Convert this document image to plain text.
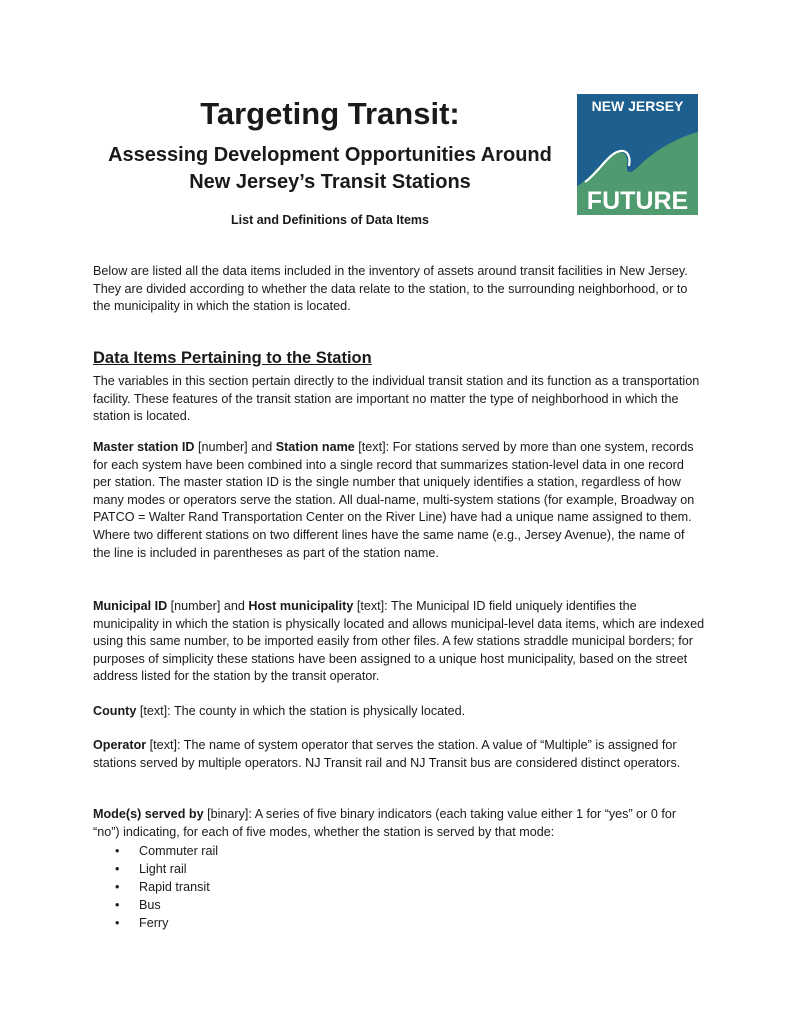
Targeting Transit:
Assessing Development Opportunities Around
New Jersey’s Transit Stations
List and Definitions of Data Items
NEW JERSEY
FUTURE

Below are listed all the data items included in the inventory of assets around transit facilities in New Jersey. They are divided according to whether the data relate to the station, to the surrounding neighborhood, or to the municipality in which the station is located.

Data Items Pertaining to the Station

The variables in this section pertain directly to the individual transit station and its function as a transportation facility. These features of the transit station are important no matter the type of neighborhood in which the station is located.

Master station ID [number] and Station name [text]: For stations served by more than one system, records for each system have been combined into a single record that summarizes station-level data in one record per station. The master station ID is the single number that uniquely identifies a station, regardless of how many modes or operators serve the station. All dual-name, multi-system stations (for example, Broadway on PATCO = Walter Rand Transportation Center on the River Line) have had a unique name assigned to them. Where two different stations on two different lines have the same name (e.g., Jersey Avenue), the name of the line is included in parentheses as part of the station name.

Municipal ID [number] and Host municipality [text]: The Municipal ID field uniquely identifies the municipality in which the station is physically located and allows municipal-level data items, which are indexed using this same number, to be imported easily from other files. A few stations straddle municipal borders; for purposes of simplicity these stations have been assigned to a unique host municipality, based on the street address listed for the station by the transit operator.

County [text]: The county in which the station is physically located.

Operator [text]: The name of system operator that serves the station. A value of “Multiple” is assigned for stations served by multiple operators. NJ Transit rail and NJ Transit bus are considered distinct operators.

Mode(s) served by [binary]: A series of five binary indicators (each taking value either 1 for “yes” or 0 for “no”) indicating, for each of five modes, whether the station is served by that mode:

• Commuter rail
• Light rail
• Rapid transit
• Bus
• Ferry
